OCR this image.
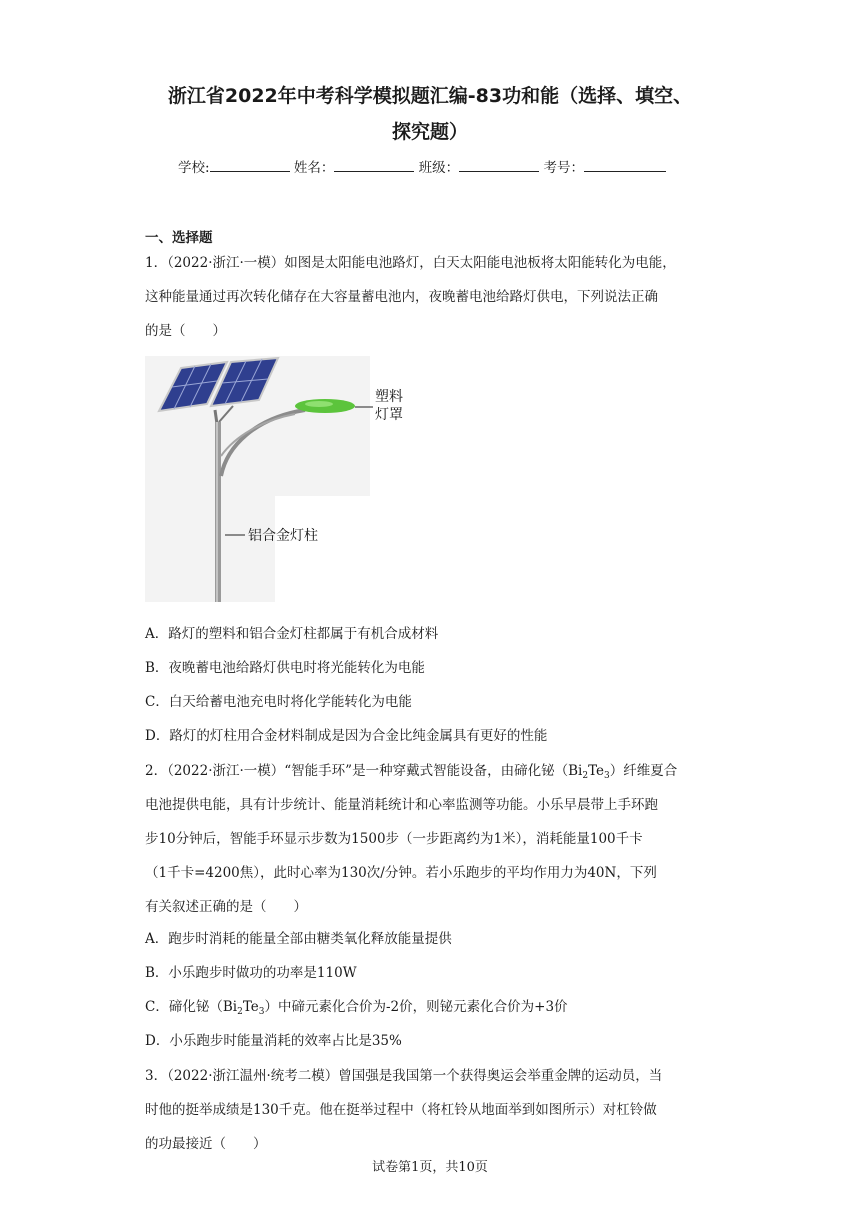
浙江省2022年中考科学模拟题汇编-83功和能（选择、填空、
探究题）
学校:	姓名：	班级：	考号：
一、选择题
1．（2022·浙江·一模）如图是太阳能电池路灯，白天太阳能电池板将太阳能转化为电能，
这种能量通过再次转化储存在大容量蓄电池内，夜晚蓄电池给路灯供电，下列说法正确
的是（　　）
塑料
灯罩
铝合金灯柱
A．路灯的塑料和铝合金灯柱都属于有机合成材料
B．夜晚蓄电池给路灯供电时将光能转化为电能
C．白天给蓄电池充电时将化学能转化为电能
D．路灯的灯柱用合金材料制成是因为合金比纯金属具有更好的性能
2．（2022·浙江·一模）“智能手环”是一种穿戴式智能设备，由碲化铋$(Bi_2Te_3)$纤维夏合
电池提供电能，具有计步统计、能量消耗统计和心率监测等功能。小乐早晨带上手环跑
步10分钟后，智能手环显示步数为1500步（一步距离约为1米），消耗能量100千卡
（1千卡=4200焦），此时心率为130次/分钟。若小乐跑步的平均作用力为40N，下列
有关叙述正确的是（　　）
A．跑步时消耗的能量全部由糖类氧化释放能量提供
B．小乐跑步时做功的功率是110W
C．碲化铋$(Bi_2Te_3)$中碲元素化合价为-2价，则铋元素化合价为+3价
D．小乐跑步时能量消耗的效率占比是35%
3．（2022·浙江温州·统考二模）曾国强是我国第一个获得奥运会举重金牌的运动员，当
时他的挺举成绩是130千克。他在挺举过程中（将杠铃从地面举到如图所示）对杠铃做
的功最接近（　　）
试卷第1页，共10页
